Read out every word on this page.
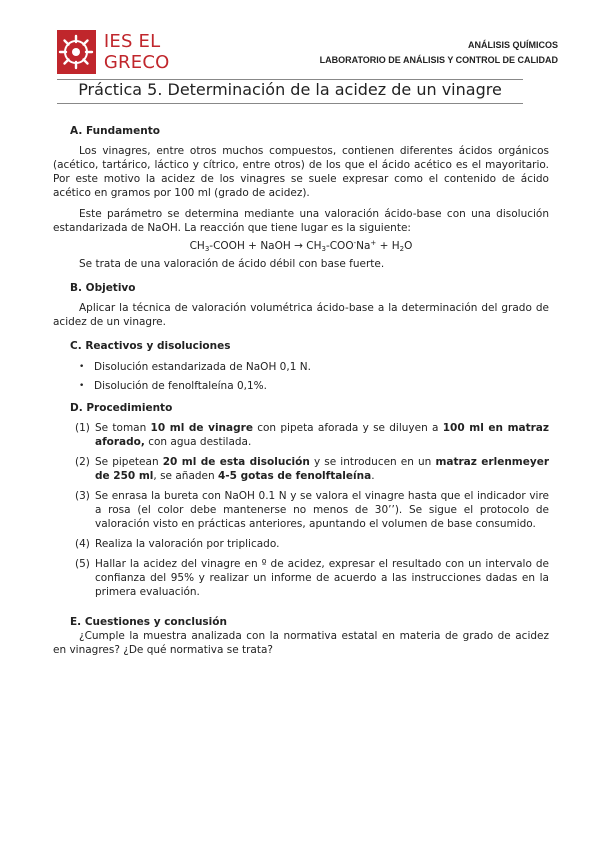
IES EL GRECO
ANÁLISIS QUÍMICOS
LABORATORIO DE ANÁLISIS Y CONTROL DE CALIDAD
Práctica 5. Determinación de la acidez de un vinagre
A. Fundamento
Los vinagres, entre otros muchos compuestos, contienen diferentes ácidos orgánicos (acético, tartárico, láctico y cítrico, entre otros) de los que el ácido acético es el mayoritario. Por este motivo la acidez de los vinagres se suele expresar como el contenido de ácido acético en gramos por 100 ml (grado de acidez).
Este parámetro se determina mediante una valoración ácido-base con una disolución estandarizada de NaOH. La reacción que tiene lugar es la siguiente:
$CH_3$-COOH + NaOH → $CH_3-COO^-Na^+ + H_2O$
Se trata de una valoración de ácido débil con base fuerte.
B. Objetivo
Aplicar la técnica de valoración volumétrica ácido-base a la determinación del grado de acidez de un vinagre.
C. Reactivos y disoluciones
• Disolución estandarizada de NaOH 0,1 N.
• Disolución de fenolftaleína 0,1%.
D. Procedimiento
(1) Se toman 10 ml de vinagre con pipeta aforada y se diluyen a 100 ml en matraz aforado, con agua destilada.
(2) Se pipetean 20 ml de esta disolución y se introducen en un matraz erlenmeyer de 250 ml, se añaden 4-5 gotas de fenolftaleína.
(3) Se enrasa la bureta con NaOH 0.1 N y se valora el vinagre hasta que el indicador vire a rosa (el color debe mantenerse no menos de 30’’). Se sigue el protocolo de valoración visto en prácticas anteriores, apuntando el volumen de base consumido.
(4) Realiza la valoración por triplicado.
(5) Hallar la acidez del vinagre en º de acidez, expresar el resultado con un intervalo de confianza del 95% y realizar un informe de acuerdo a las instrucciones dadas en la primera evaluación.
E. Cuestiones y conclusión
¿Cumple la muestra analizada con la normativa estatal en materia de grado de acidez en vinagres? ¿De qué normativa se trata?
